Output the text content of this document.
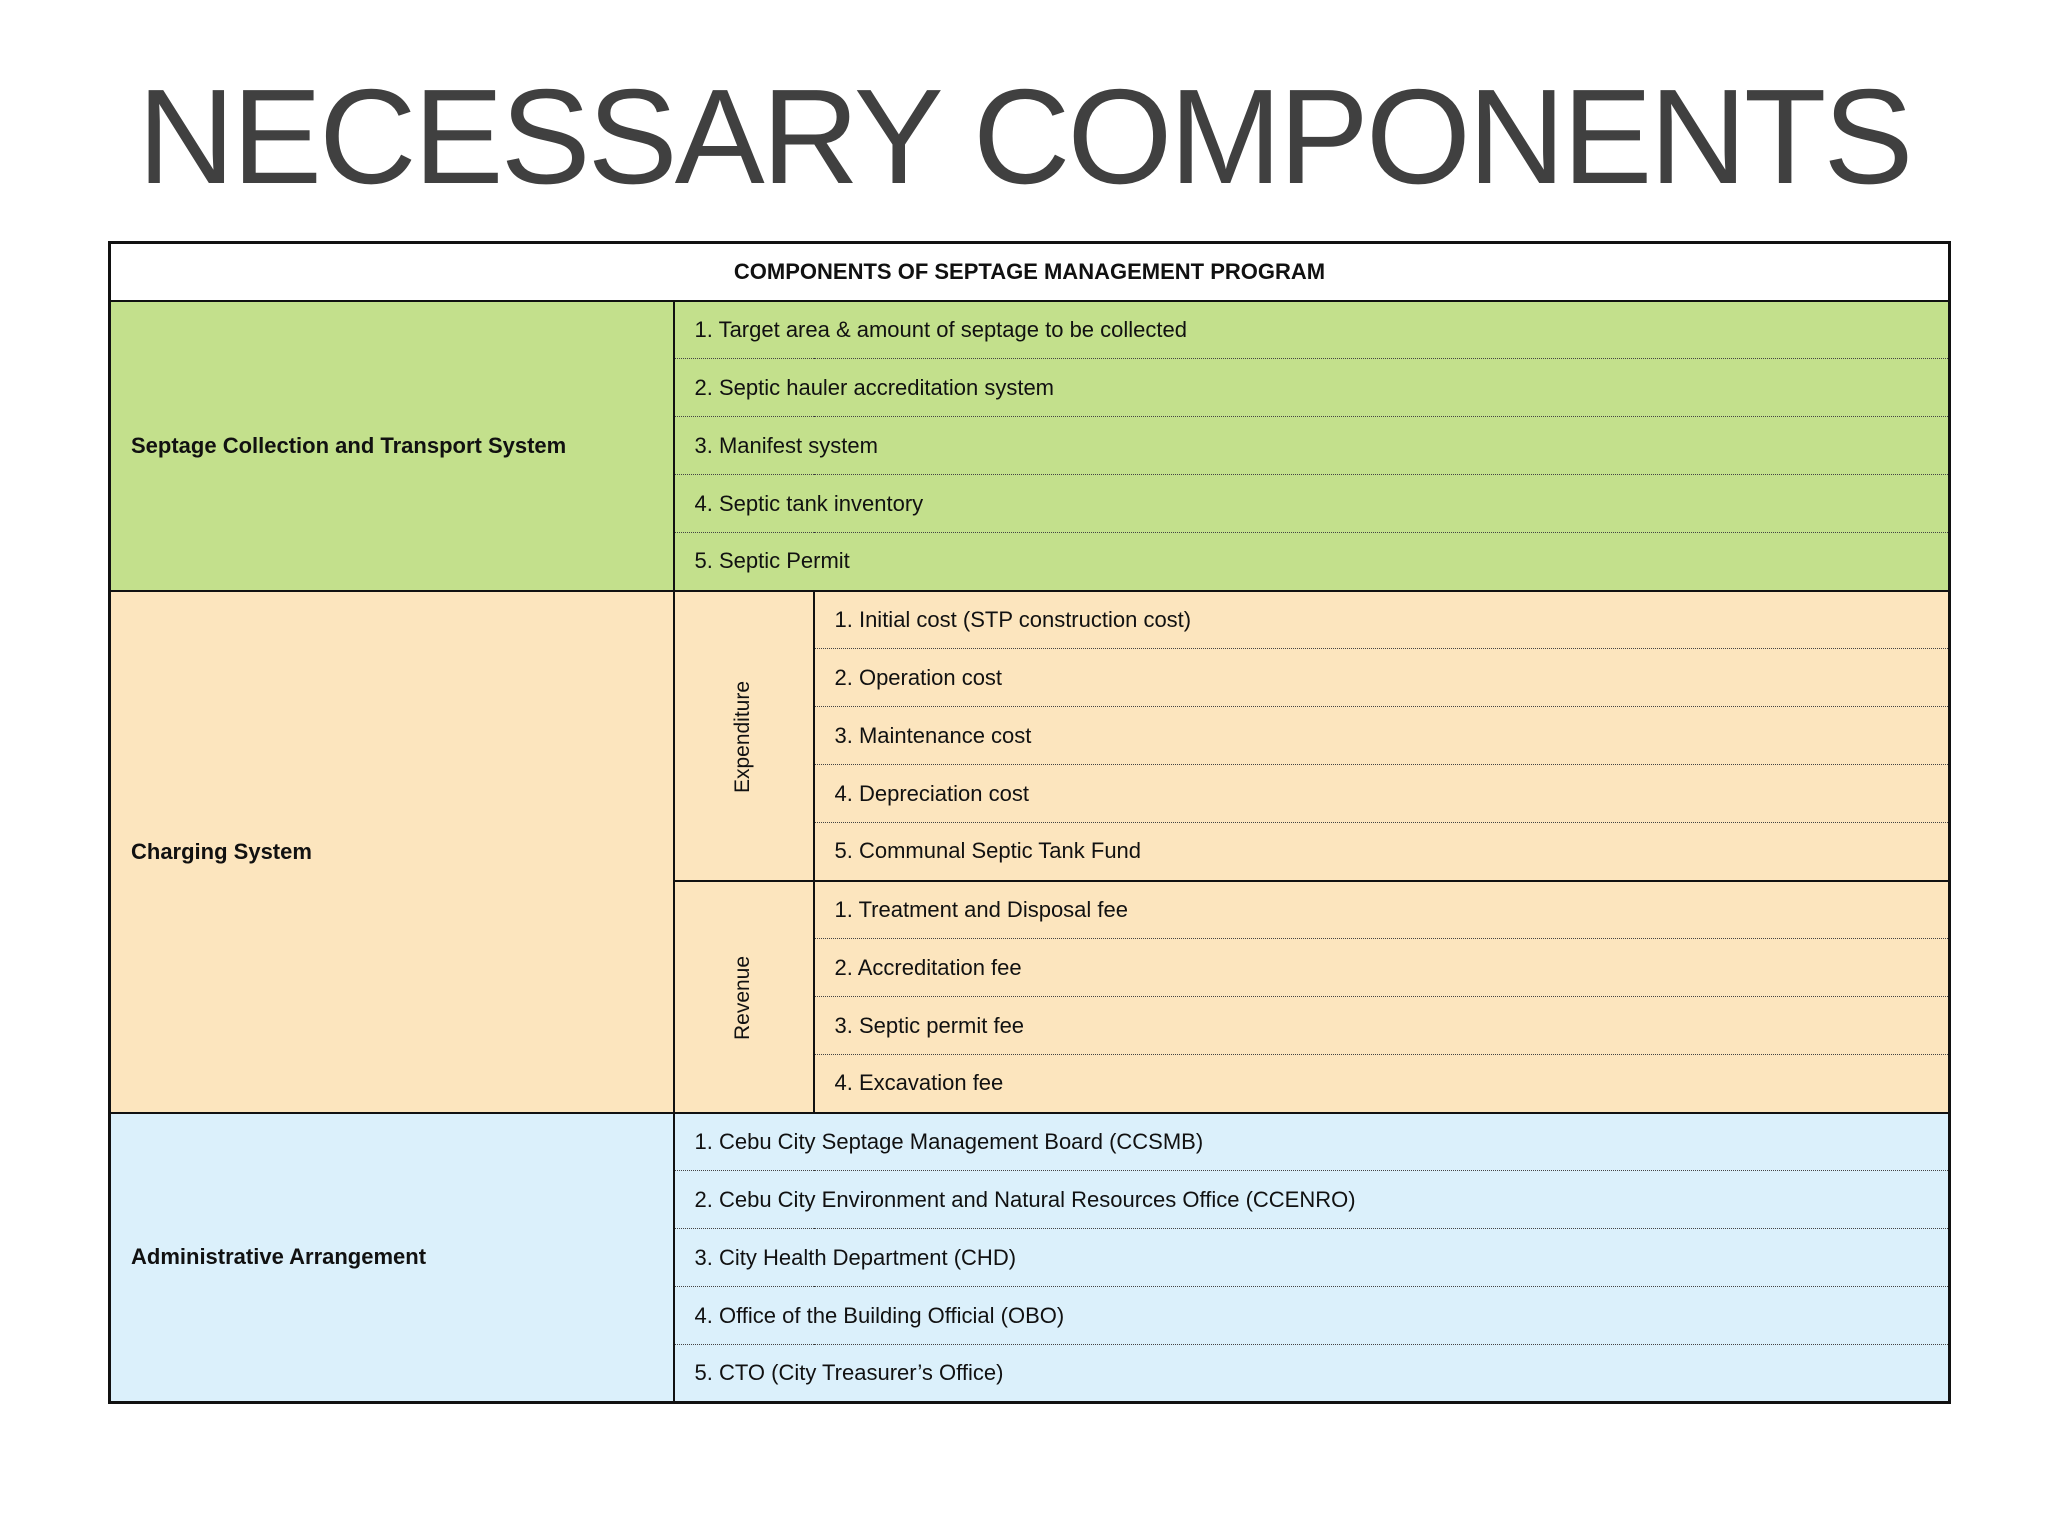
NECESSARY COMPONENTS
COMPONENTS OF SEPTAGE MANAGEMENT PROGRAM		
Septage Collection and Transport System	1. Target area & amount of septage to be collected	
	2. Septic hauler accreditation system	
	3. Manifest system	
	4. Septic tank inventory	
	5. Septic Permit	
Charging System	Expenditure	1. Initial cost (STP construction cost)
		2. Operation cost
		3. Maintenance cost
		4. Depreciation cost
		5. Communal Septic Tank Fund
	Revenue	1. Treatment and Disposal fee
		2. Accreditation fee
		3. Septic permit fee
		4. Excavation fee
Administrative Arrangement	1. Cebu City Septage Management Board (CCSMB)	
	2. Cebu City Environment and Natural Resources Office (CCENRO)	
	3. City Health Department (CHD)	
	4. Office of the Building Official (OBO)	
	5. CTO (City Treasurer’s Office)	
